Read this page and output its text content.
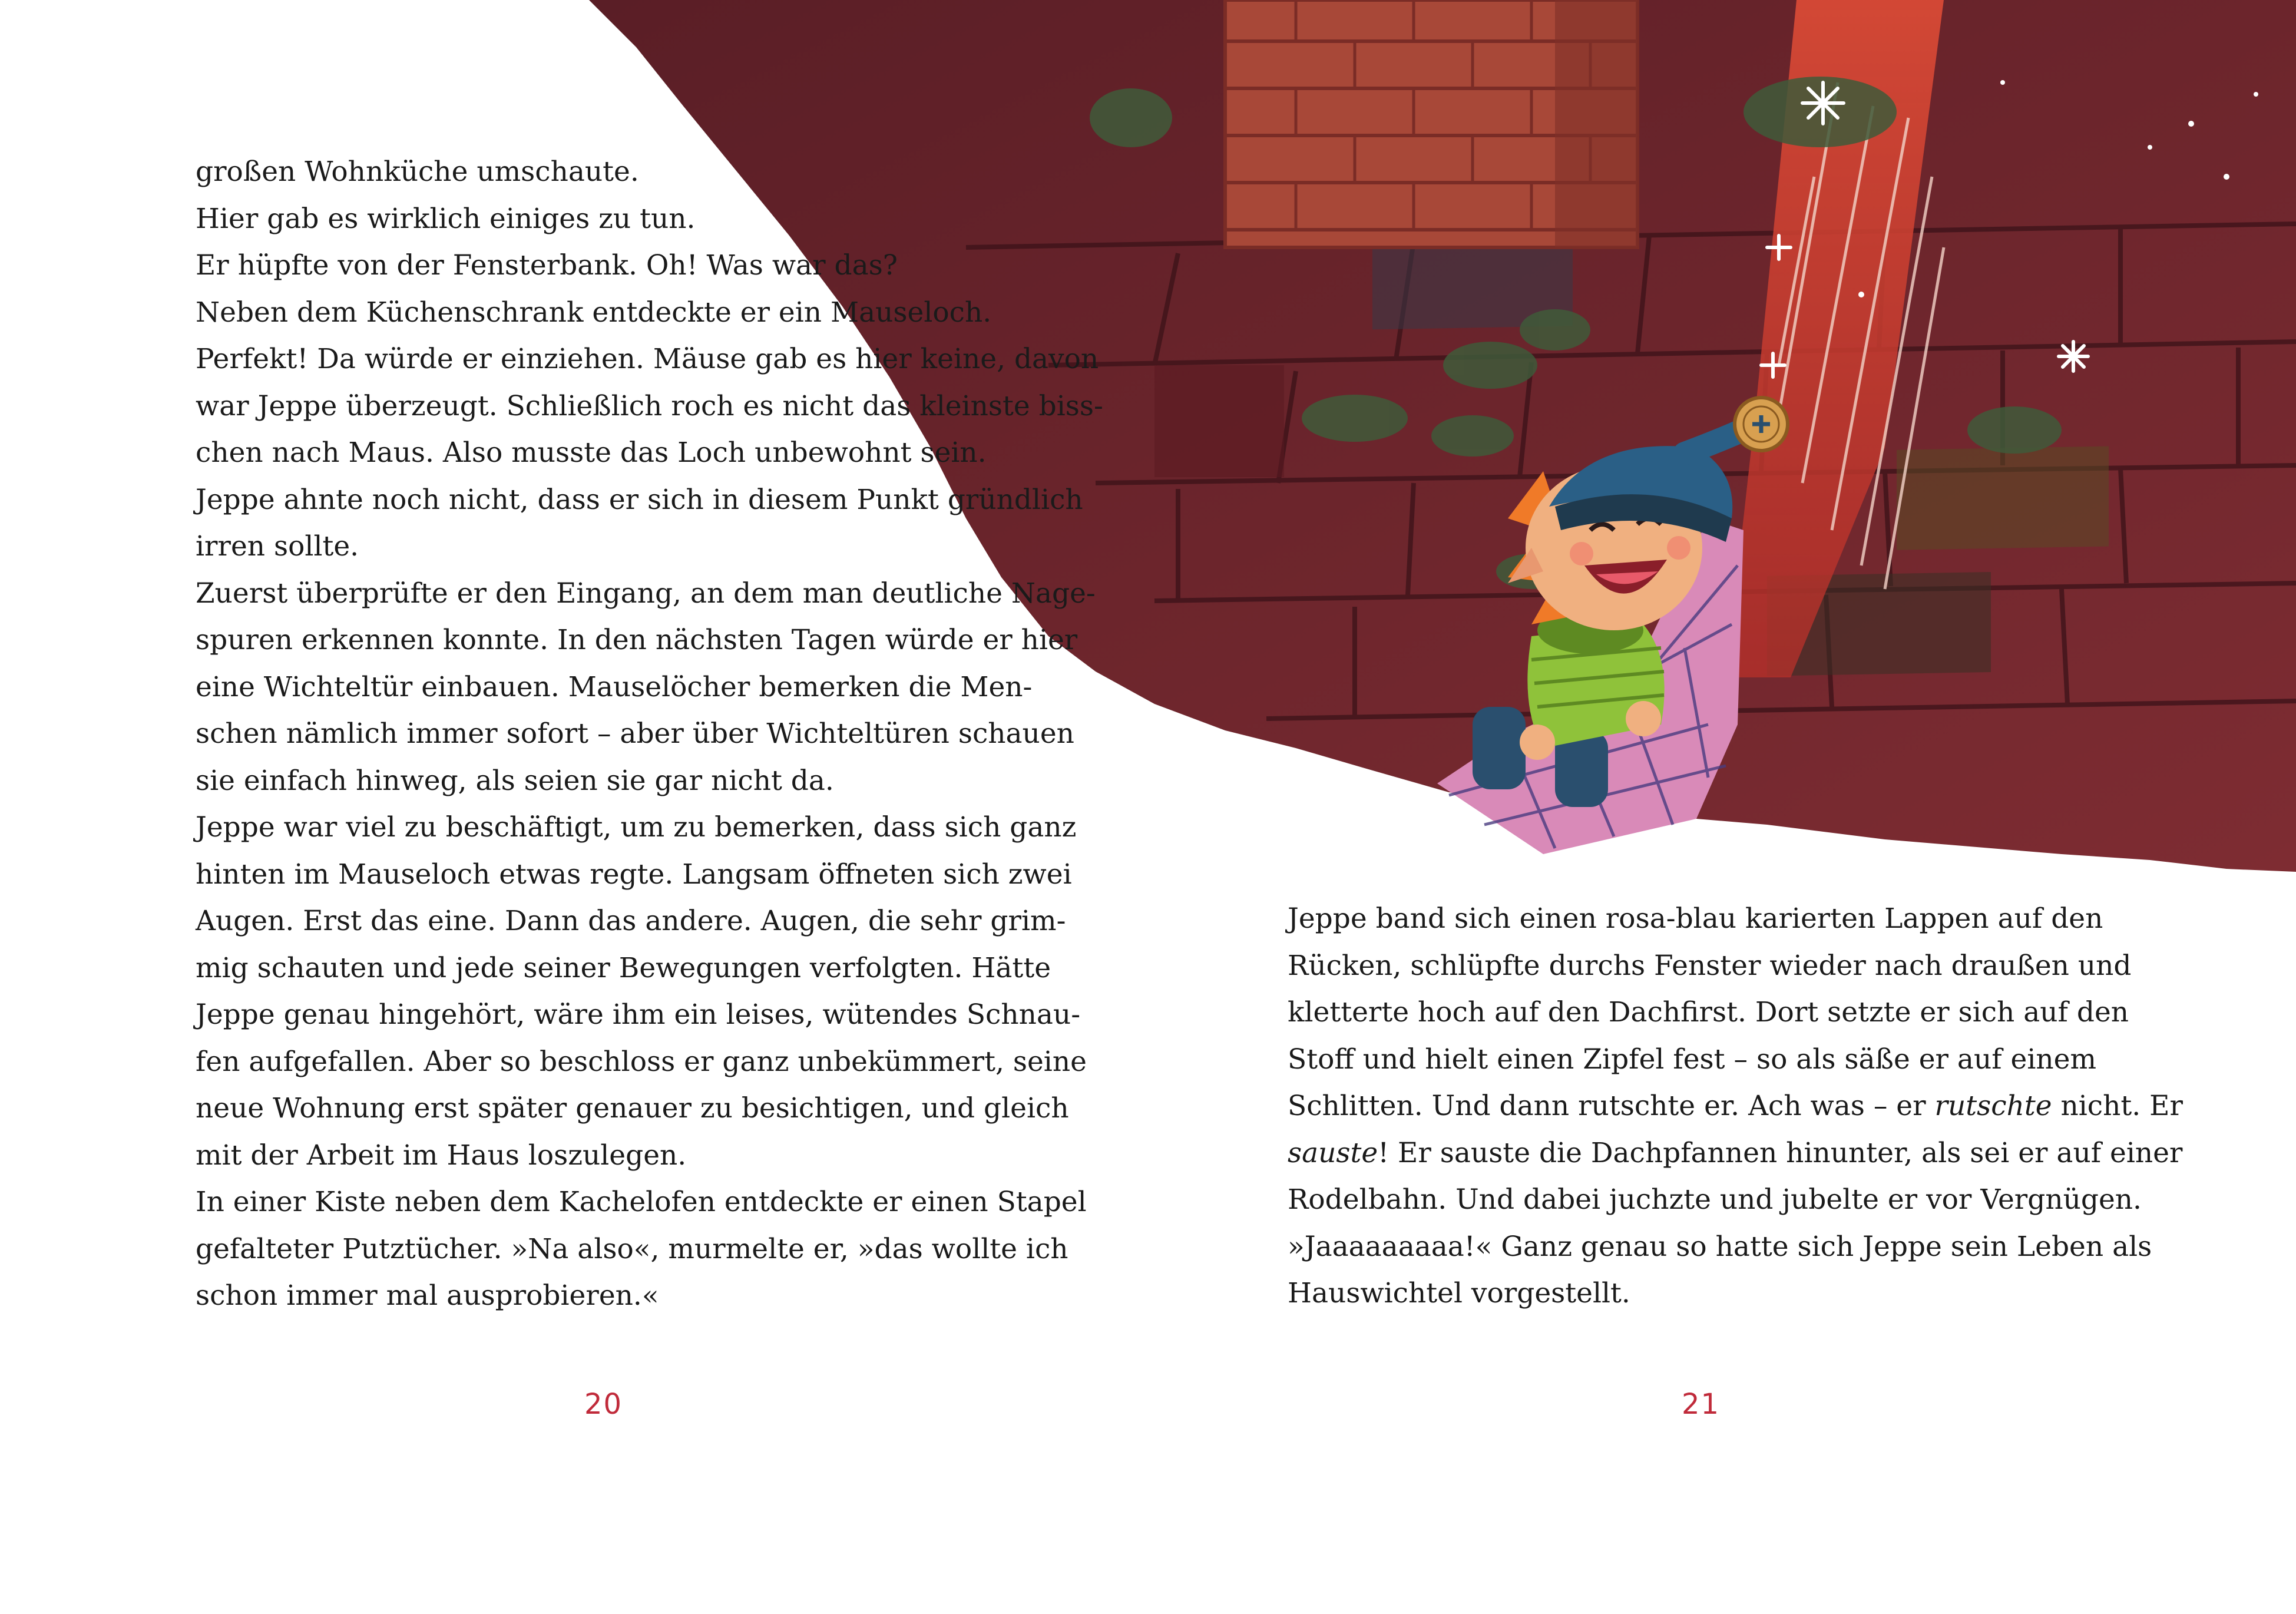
großen Wohnküche umschaute.
Hier gab es wirklich einiges zu tun.
Er hüpfte von der Fensterbank. Oh! Was war das?
Neben dem Küchenschrank entdeckte er ein Mauseloch.
Perfekt! Da würde er einziehen. Mäuse gab es hier keine, davon
war Jeppe überzeugt. Schließlich roch es nicht das kleinste biss-
chen nach Maus. Also musste das Loch unbewohnt sein.
Jeppe ahnte noch nicht, dass er sich in diesem Punkt gründlich
irren sollte.
Zuerst überprüfte er den Eingang, an dem man deutliche Nage-
spuren erkennen konnte. In den nächsten Tagen würde er hier
eine Wichteltür einbauen. Mauselöcher bemerken die Men-
schen nämlich immer sofort – aber über Wichteltüren schauen
sie einfach hinweg, als seien sie gar nicht da.
Jeppe war viel zu beschäftigt, um zu bemerken, dass sich ganz
hinten im Mauseloch etwas regte. Langsam öffneten sich zwei
Augen. Erst das eine. Dann das andere. Augen, die sehr grim-
mig schauten und jede seiner Bewegungen verfolgten. Hätte
Jeppe genau hingehört, wäre ihm ein leises, wütendes Schnau-
fen aufgefallen. Aber so beschloss er ganz unbekümmert, seine
neue Wohnung erst später genauer zu besichtigen, und gleich
mit der Arbeit im Haus loszulegen.
In einer Kiste neben dem Kachelofen entdeckte er einen Stapel
gefalteter Putztücher. »Na also«, murmelte er, »das wollte ich
schon immer mal ausprobieren.«
Jeppe band sich einen rosa-blau karierten Lappen auf den
Rücken, schlüpfte durchs Fenster wieder nach draußen und
kletterte hoch auf den Dachfirst. Dort setzte er sich auf den
Stoff und hielt einen Zipfel fest – so als säße er auf einem
Schlitten. Und dann rutschte er. Ach was – er rutschte nicht. Er
sauste! Er sauste die Dachpfannen hinunter, als sei er auf einer
Rodelbahn. Und dabei juchzte und jubelte er vor Vergnügen.
»Jaaaaaaaaa!« Ganz genau so hatte sich Jeppe sein Leben als
Hauswichtel vorgestellt.
20	21
